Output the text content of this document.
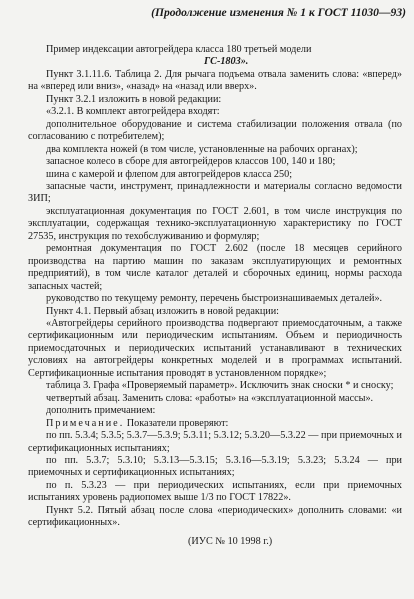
(Продолжение изменения № 1 к ГОСТ 11030—93)

Пример индексации автогрейдера класса 180 третьей модели

ГС-1803».

Пункт 3.1.11.6. Таблица 2. Для рычага подъема отвала заменить слова: «вперед» на «вперед или вниз», «назад» на «назад или вверх».

Пункт 3.2.1 изложить в новой редакции:

«3.2.1. В комплект автогрейдера входят:

дополнительное оборудование и система стабилизации положения отвала (по согласованию с потребителем);

два комплекта ножей (в том числе, установленные на рабочих органах);

запасное колесо в сборе для автогрейдеров классов 100, 140 и 180;

шина с камерой и флепом для автогрейдеров класса 250;

запасные части, инструмент, принадлежности и материалы согласно ведомости ЗИП;

эксплуатационная документация по ГОСТ 2.601, в том числе инструкция по эксплуатации, содержащая технико-эксплуатационную характеристику по ГОСТ 27535, инструкция по техобслуживанию и формуляр;

ремонтная документация по ГОСТ 2.602 (после 18 месяцев серийного производства на партию машин по заказам эксплуатирующих и ремонтных предприятий), в том числе каталог деталей и сборочных единиц, нормы расхода запасных частей;

руководство по текущему ремонту, перечень быстроизнашиваемых деталей».

Пункт 4.1. Первый абзац изложить в новой редакции:

«Автогрейдеры серийного производства подвергают приемосдаточным, а также сертификационным или периодическим испытаниям. Объем и периодичность приемосдаточных и периодических испытаний устанавливают в технических условиях на автогрейдеры конкретных моделей и в программах испытаний. Сертификационные испытания проводят в установленном порядке»;

таблица 3. Графа «Проверяемый параметр». Исключить знак сноски * и сноску;

четвертый абзац. Заменить слова: «работы» на «эксплуатационной массы».

дополнить примечанием:

Примечание. Показатели проверяют:

по пп. 5.3.4; 5.3.5; 5.3.7—5.3.9; 5.3.11; 5.3.12; 5.3.20—5.3.22 — при приемочных и сертификационных испытаниях;

по пп. 5.3.7; 5.3.10; 5.3.13—5.3.15; 5.3.16—5.3.19; 5.3.23; 5.3.24 — при приемочных и сертификационных испытаниях;

по п. 5.3.23 — при периодических испытаниях, если при приемочных испытаниях уровень радиопомех выше 1/3 по ГОСТ 17822».

Пункт 5.2. Пятый абзац после слова «периодических» дополнить словами: «и сертификационных».

(ИУС № 10 1998 г.)
